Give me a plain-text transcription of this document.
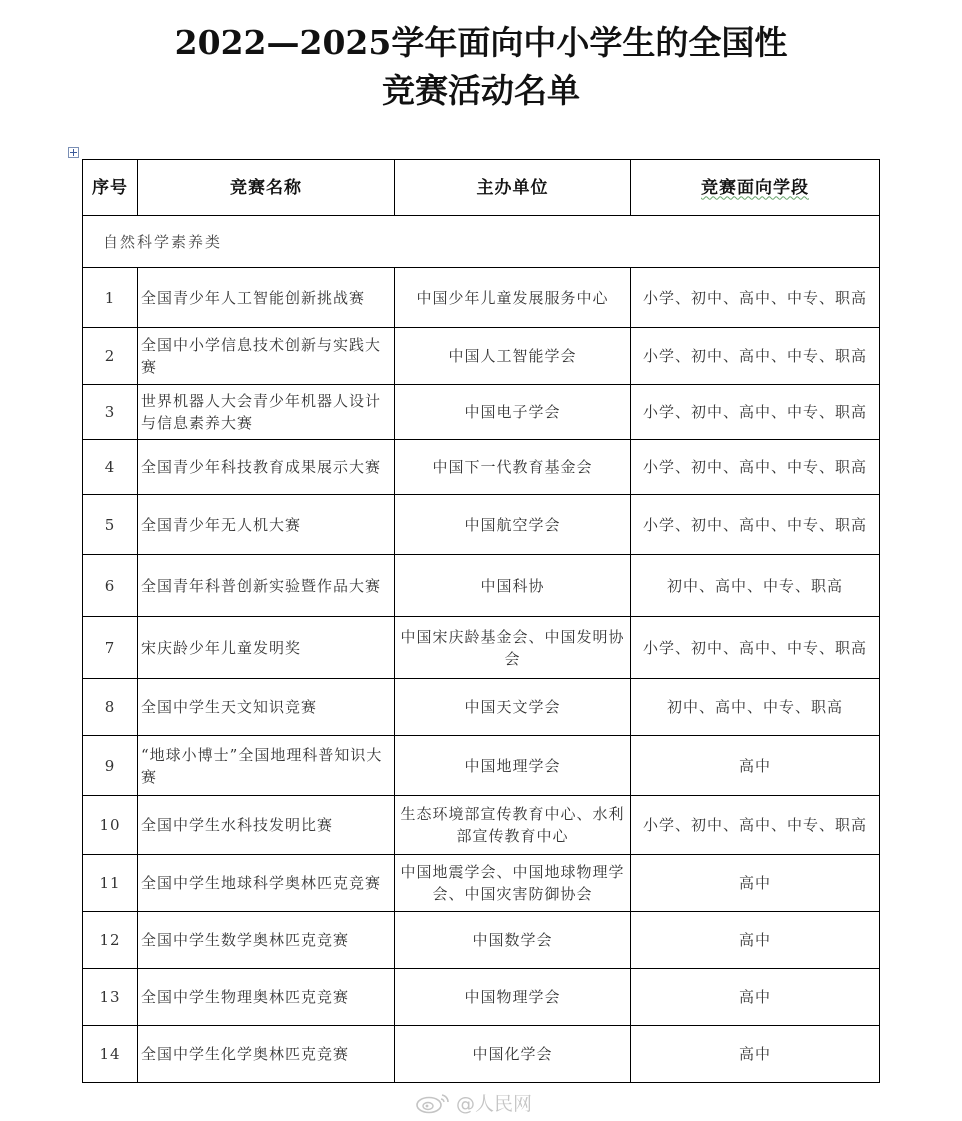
2022—2025学年面向中小学生的全国性
竞赛活动名单
序号	竞赛名称	主办单位	竞赛面向学段
自然科学素养类			
1	全国青少年人工智能创新挑战赛	中国少年儿童发展服务中心	小学、初中、高中、中专、职高
2	全国中小学信息技术创新与实践大赛	中国人工智能学会	小学、初中、高中、中专、职高
3	世界机器人大会青少年机器人设计与信息素养大赛	中国电子学会	小学、初中、高中、中专、职高
4	全国青少年科技教育成果展示大赛	中国下一代教育基金会	小学、初中、高中、中专、职高
5	全国青少年无人机大赛	中国航空学会	小学、初中、高中、中专、职高
6	全国青年科普创新实验暨作品大赛	中国科协	初中、高中、中专、职高
7	宋庆龄少年儿童发明奖	中国宋庆龄基金会、中国发明协会	小学、初中、高中、中专、职高
8	全国中学生天文知识竞赛	中国天文学会	初中、高中、中专、职高
9	“地球小博士”全国地理科普知识大赛	中国地理学会	高中
10	全国中学生水科技发明比赛	生态环境部宣传教育中心、水利部宣传教育中心	小学、初中、高中、中专、职高
11	全国中学生地球科学奥林匹克竞赛	中国地震学会、中国地球物理学会、中国灾害防御协会	高中
12	全国中学生数学奥林匹克竞赛	中国数学会	高中
13	全国中学生物理奥林匹克竞赛	中国物理学会	高中
14	全国中学生化学奥林匹克竞赛	中国化学会	高中
@人民网
